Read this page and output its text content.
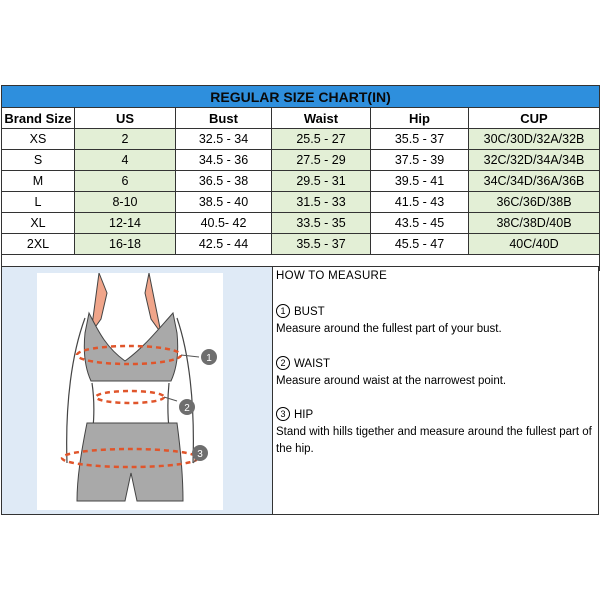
REGULAR SIZE CHART(IN)					
Brand Size	US	Bust	Waist	Hip	CUP
XS	2	32.5 - 34	25.5 - 27	35.5 - 37	30C/30D/32A/32B
S	4	34.5 - 36	27.5 - 29	37.5 - 39	32C/32D/34A/34B
M	6	36.5 - 38	29.5 - 31	39.5 - 41	34C/34D/36A/36B
L	8-10	38.5 - 40	31.5 - 33	41.5 - 43	36C/36D/38B
XL	12-14	40.5- 42	33.5 - 35	43.5 - 45	38C/38D/40B
2XL	16-18	42.5 - 44	35.5 - 37	45.5 - 47	40C/40D

1
2
3
HOW TO MEASURE
1 BUST
Measure around the fullest part of your bust.
2 WAIST
Measure around waist at the narrowest point.
3 HIP
Stand with hills tigether and measure around the fullest part of the hip.
